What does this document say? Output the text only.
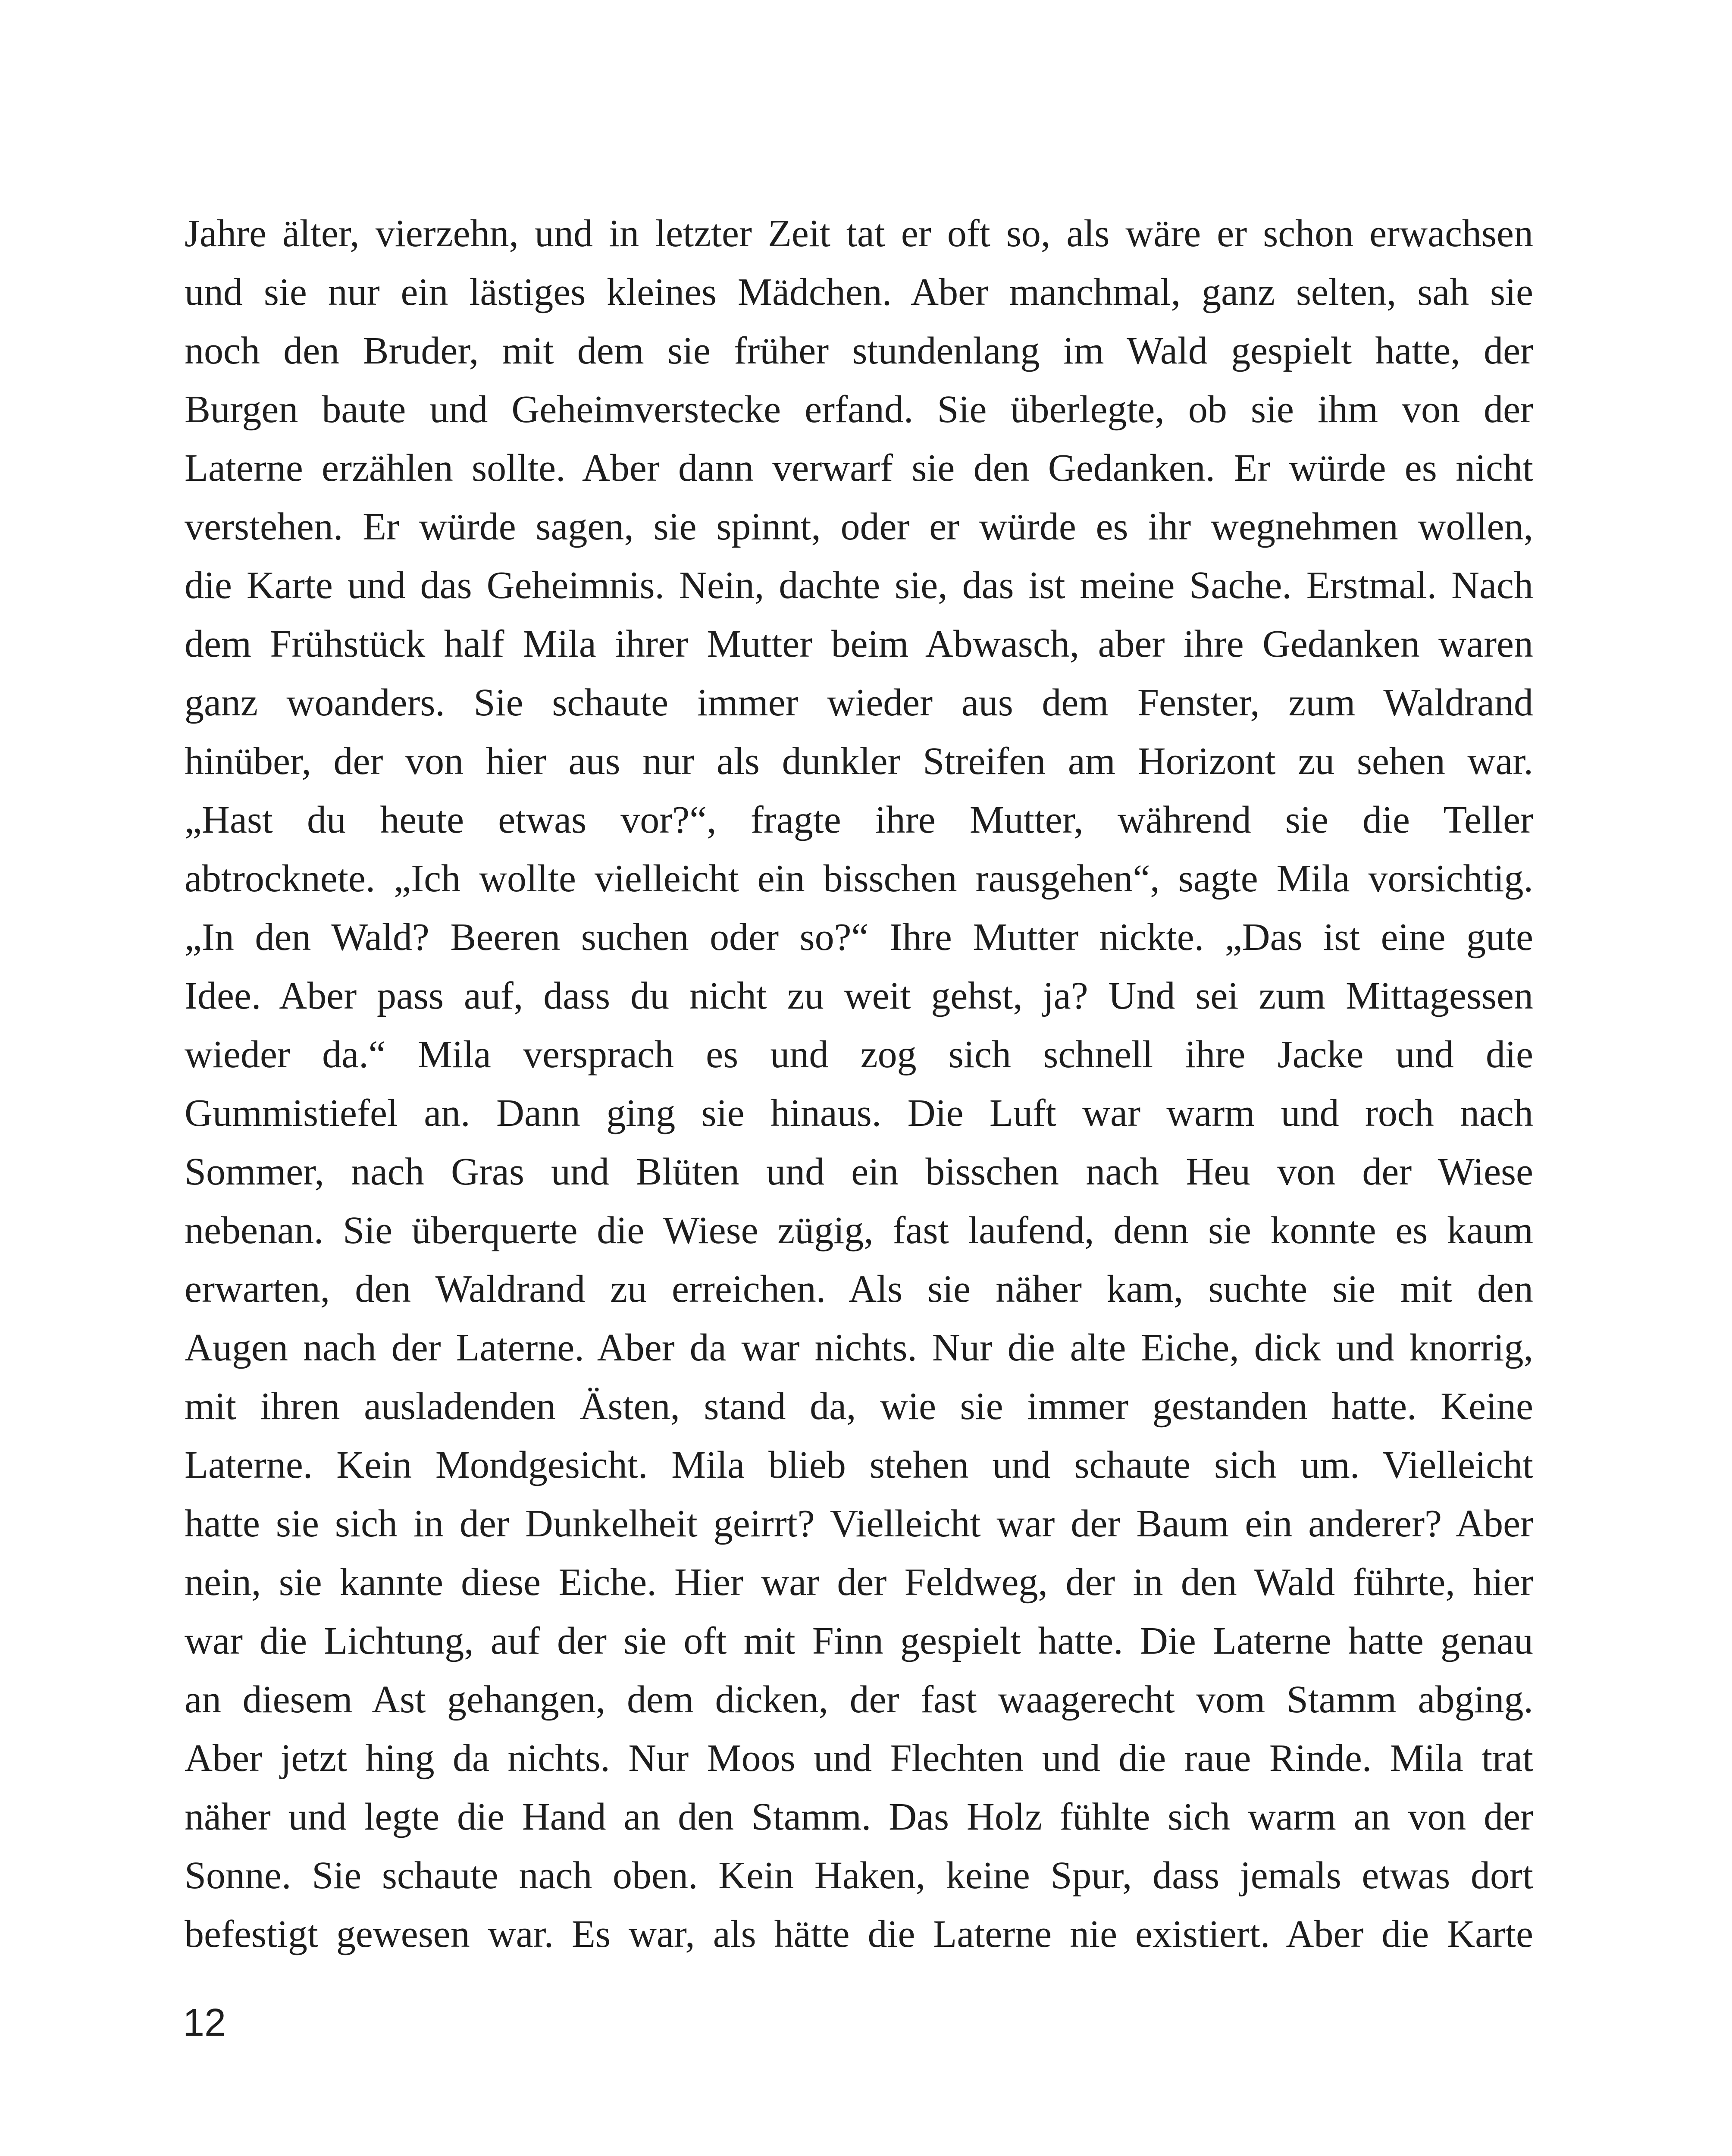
Jahre älter, vierzehn, und in letzter Zeit tat er oft so, als wäre er schon erwachsen
und sie nur ein lästiges kleines Mädchen. Aber manchmal, ganz selten, sah sie
noch den Bruder, mit dem sie früher stundenlang im Wald gespielt hatte, der
Burgen baute und Geheimverstecke erfand. Sie überlegte, ob sie ihm von der
Laterne erzählen sollte. Aber dann verwarf sie den Gedanken. Er würde es nicht
verstehen. Er würde sagen, sie spinnt, oder er würde es ihr wegnehmen wollen,
die Karte und das Geheimnis. Nein, dachte sie, das ist meine Sache. Erstmal. Nach
dem Frühstück half Mila ihrer Mutter beim Abwasch, aber ihre Gedanken waren
ganz woanders. Sie schaute immer wieder aus dem Fenster, zum Waldrand
hinüber, der von hier aus nur als dunkler Streifen am Horizont zu sehen war.
„Hast du heute etwas vor?“, fragte ihre Mutter, während sie die Teller
abtrocknete. „Ich wollte vielleicht ein bisschen rausgehen“, sagte Mila vorsichtig.
„In den Wald? Beeren suchen oder so?“ Ihre Mutter nickte. „Das ist eine gute
Idee. Aber pass auf, dass du nicht zu weit gehst, ja? Und sei zum Mittagessen
wieder da.“ Mila versprach es und zog sich schnell ihre Jacke und die
Gummistiefel an. Dann ging sie hinaus. Die Luft war warm und roch nach
Sommer, nach Gras und Blüten und ein bisschen nach Heu von der Wiese
nebenan. Sie überquerte die Wiese zügig, fast laufend, denn sie konnte es kaum
erwarten, den Waldrand zu erreichen. Als sie näher kam, suchte sie mit den
Augen nach der Laterne. Aber da war nichts. Nur die alte Eiche, dick und knorrig,
mit ihren ausladenden Ästen, stand da, wie sie immer gestanden hatte. Keine
Laterne. Kein Mondgesicht. Mila blieb stehen und schaute sich um. Vielleicht
hatte sie sich in der Dunkelheit geirrt? Vielleicht war der Baum ein anderer? Aber
nein, sie kannte diese Eiche. Hier war der Feldweg, der in den Wald führte, hier
war die Lichtung, auf der sie oft mit Finn gespielt hatte. Die Laterne hatte genau
an diesem Ast gehangen, dem dicken, der fast waagerecht vom Stamm abging.
Aber jetzt hing da nichts. Nur Moos und Flechten und die raue Rinde. Mila trat
näher und legte die Hand an den Stamm. Das Holz fühlte sich warm an von der
Sonne. Sie schaute nach oben. Kein Haken, keine Spur, dass jemals etwas dort
befestigt gewesen war. Es war, als hätte die Laterne nie existiert. Aber die Karte

12
